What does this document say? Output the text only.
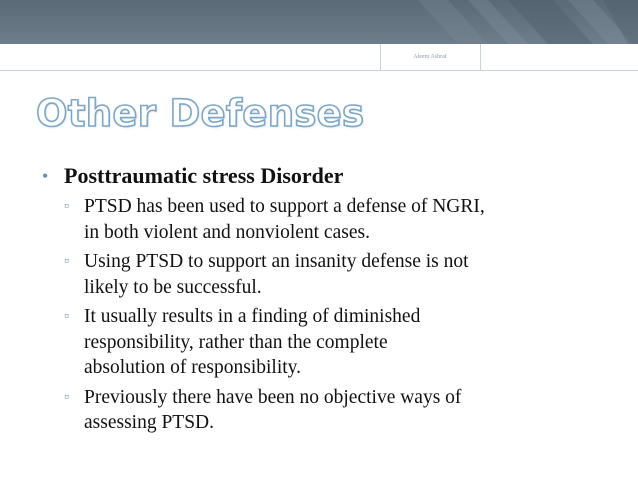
Aleem Ashraf
Other Defenses
• Posttraumatic stress Disorder
▫ PTSD has been used to support a defense of NGRI,
in both violent and nonviolent cases.
▫ Using PTSD to support an insanity defense is not
likely to be successful.
▫ It usually results in a finding of diminished
responsibility, rather than the complete
absolution of responsibility.
▫ Previously there have been no objective ways of
assessing PTSD.
